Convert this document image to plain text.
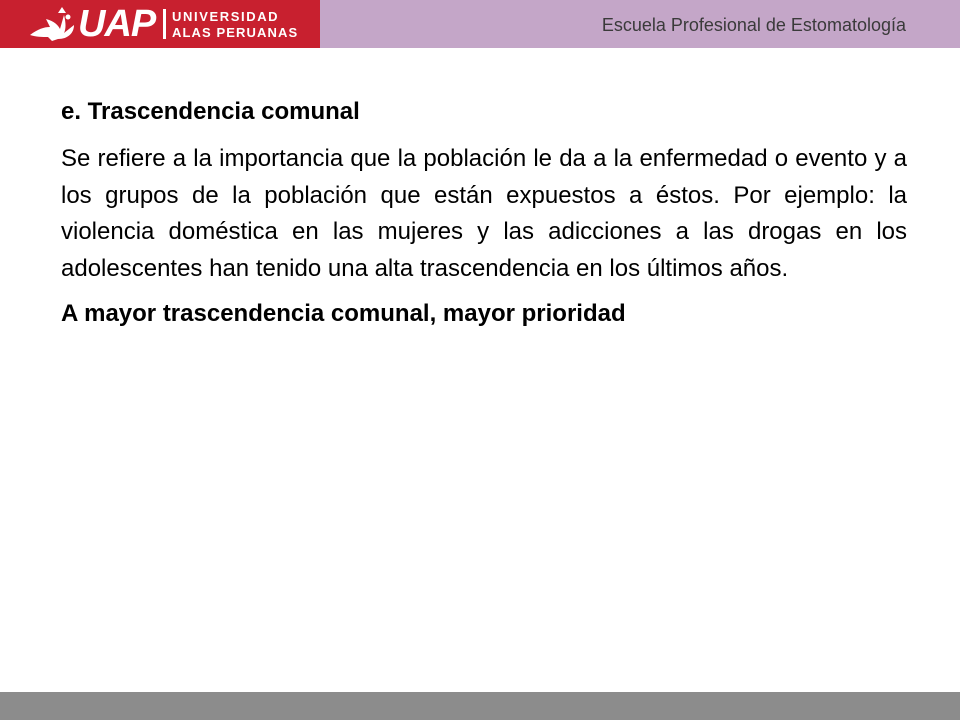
UAP UNIVERSIDAD
ALAS PERUANAS	Escuela Profesional de Estomatología
e. Trascendencia comunal

Se refiere a la importancia que la población le da a la enfermedad o evento y a los grupos de la población que están expuestos a éstos. Por ejemplo: la violencia doméstica en las mujeres y las adicciones a las drogas en los adolescentes han tenido una alta trascendencia en los últimos años.

A mayor trascendencia comunal, mayor prioridad
